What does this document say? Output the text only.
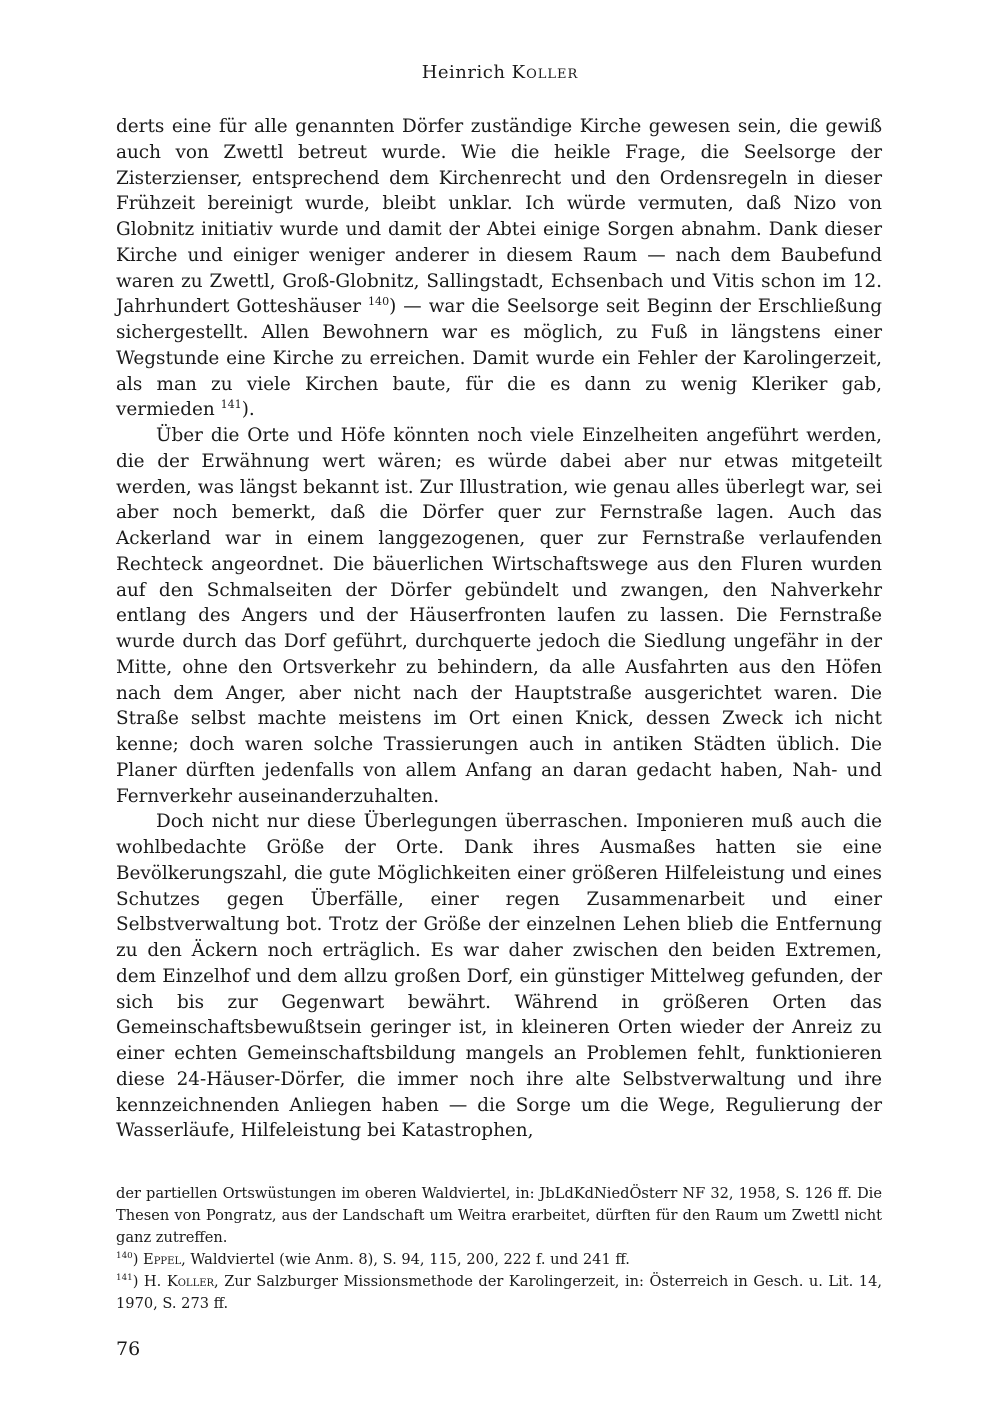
Heinrich Koller

derts eine für alle genannten Dörfer zuständige Kirche gewesen sein, die gewiß auch von Zwettl betreut wurde. Wie die heikle Frage, die Seelsorge der Zisterzienser, entsprechend dem Kirchenrecht und den Ordensregeln in dieser Frühzeit bereinigt wurde, bleibt unklar. Ich würde vermuten, daß Nizo von Globnitz initiativ wurde und damit der Abtei einige Sorgen abnahm. Dank dieser Kirche und einiger weniger anderer in diesem Raum — nach dem Baubefund waren zu Zwettl, Groß-Globnitz, Sallingstadt, Echsenbach und Vitis schon im 12. Jahrhundert Gotteshäuser $^{140}$) — war die Seelsorge seit Beginn der Erschließung sichergestellt. Allen Bewohnern war es möglich, zu Fuß in längstens einer Wegstunde eine Kirche zu erreichen. Damit wurde ein Fehler der Karolingerzeit, als man zu viele Kirchen baute, für die es dann zu wenig Kleriker gab, vermieden $^{141}$).

Über die Orte und Höfe könnten noch viele Einzelheiten angeführt werden, die der Erwähnung wert wären; es würde dabei aber nur etwas mitgeteilt werden, was längst bekannt ist. Zur Illustration, wie genau alles überlegt war, sei aber noch bemerkt, daß die Dörfer quer zur Fernstraße lagen. Auch das Ackerland war in einem langgezogenen, quer zur Fernstraße verlaufenden Rechteck angeordnet. Die bäuerlichen Wirtschaftswege aus den Fluren wurden auf den Schmalseiten der Dörfer gebündelt und zwangen, den Nahverkehr entlang des Angers und der Häuserfronten laufen zu lassen. Die Fernstraße wurde durch das Dorf geführt, durchquerte jedoch die Siedlung ungefähr in der Mitte, ohne den Ortsverkehr zu behindern, da alle Ausfahrten aus den Höfen nach dem Anger, aber nicht nach der Hauptstraße ausgerichtet waren. Die Straße selbst machte meistens im Ort einen Knick, dessen Zweck ich nicht kenne; doch waren solche Trassierungen auch in antiken Städten üblich. Die Planer dürften jedenfalls von allem Anfang an daran gedacht haben, Nah- und Fernverkehr auseinanderzuhalten.

Doch nicht nur diese Überlegungen überraschen. Imponieren muß auch die wohlbedachte Größe der Orte. Dank ihres Ausmaßes hatten sie eine Bevölkerungszahl, die gute Möglichkeiten einer größeren Hilfeleistung und eines Schutzes gegen Überfälle, einer regen Zusammenarbeit und einer Selbstverwaltung bot. Trotz der Größe der einzelnen Lehen blieb die Entfernung zu den Äckern noch erträglich. Es war daher zwischen den beiden Extremen, dem Einzelhof und dem allzu großen Dorf, ein günstiger Mittelweg gefunden, der sich bis zur Gegenwart bewährt. Während in größeren Orten das Gemeinschaftsbewußtsein geringer ist, in kleineren Orten wieder der Anreiz zu einer echten Gemeinschaftsbildung mangels an Problemen fehlt, funktionieren diese 24-Häuser-Dörfer, die immer noch ihre alte Selbstverwaltung und ihre kennzeichnenden Anliegen haben — die Sorge um die Wege, Regulierung der Wasserläufe, Hilfeleistung bei Katastrophen,

der partiellen Ortswüstungen im oberen Waldviertel, in: JbLdKdNiedÖsterr NF 32, 1958, S. 126 ff. Die Thesen von Pongratz, aus der Landschaft um Weitra erarbeitet, dürften für den Raum um Zwettl nicht ganz zutreffen.

$^{140}$) Eppel, Waldviertel (wie Anm. 8), S. 94, 115, 200, 222 f. und 241 ff.

$^{141}$) H. Koller, Zur Salzburger Missionsmethode der Karolingerzeit, in: Österreich in Gesch. u. Lit. 14, 1970, S. 273 ff.

76
